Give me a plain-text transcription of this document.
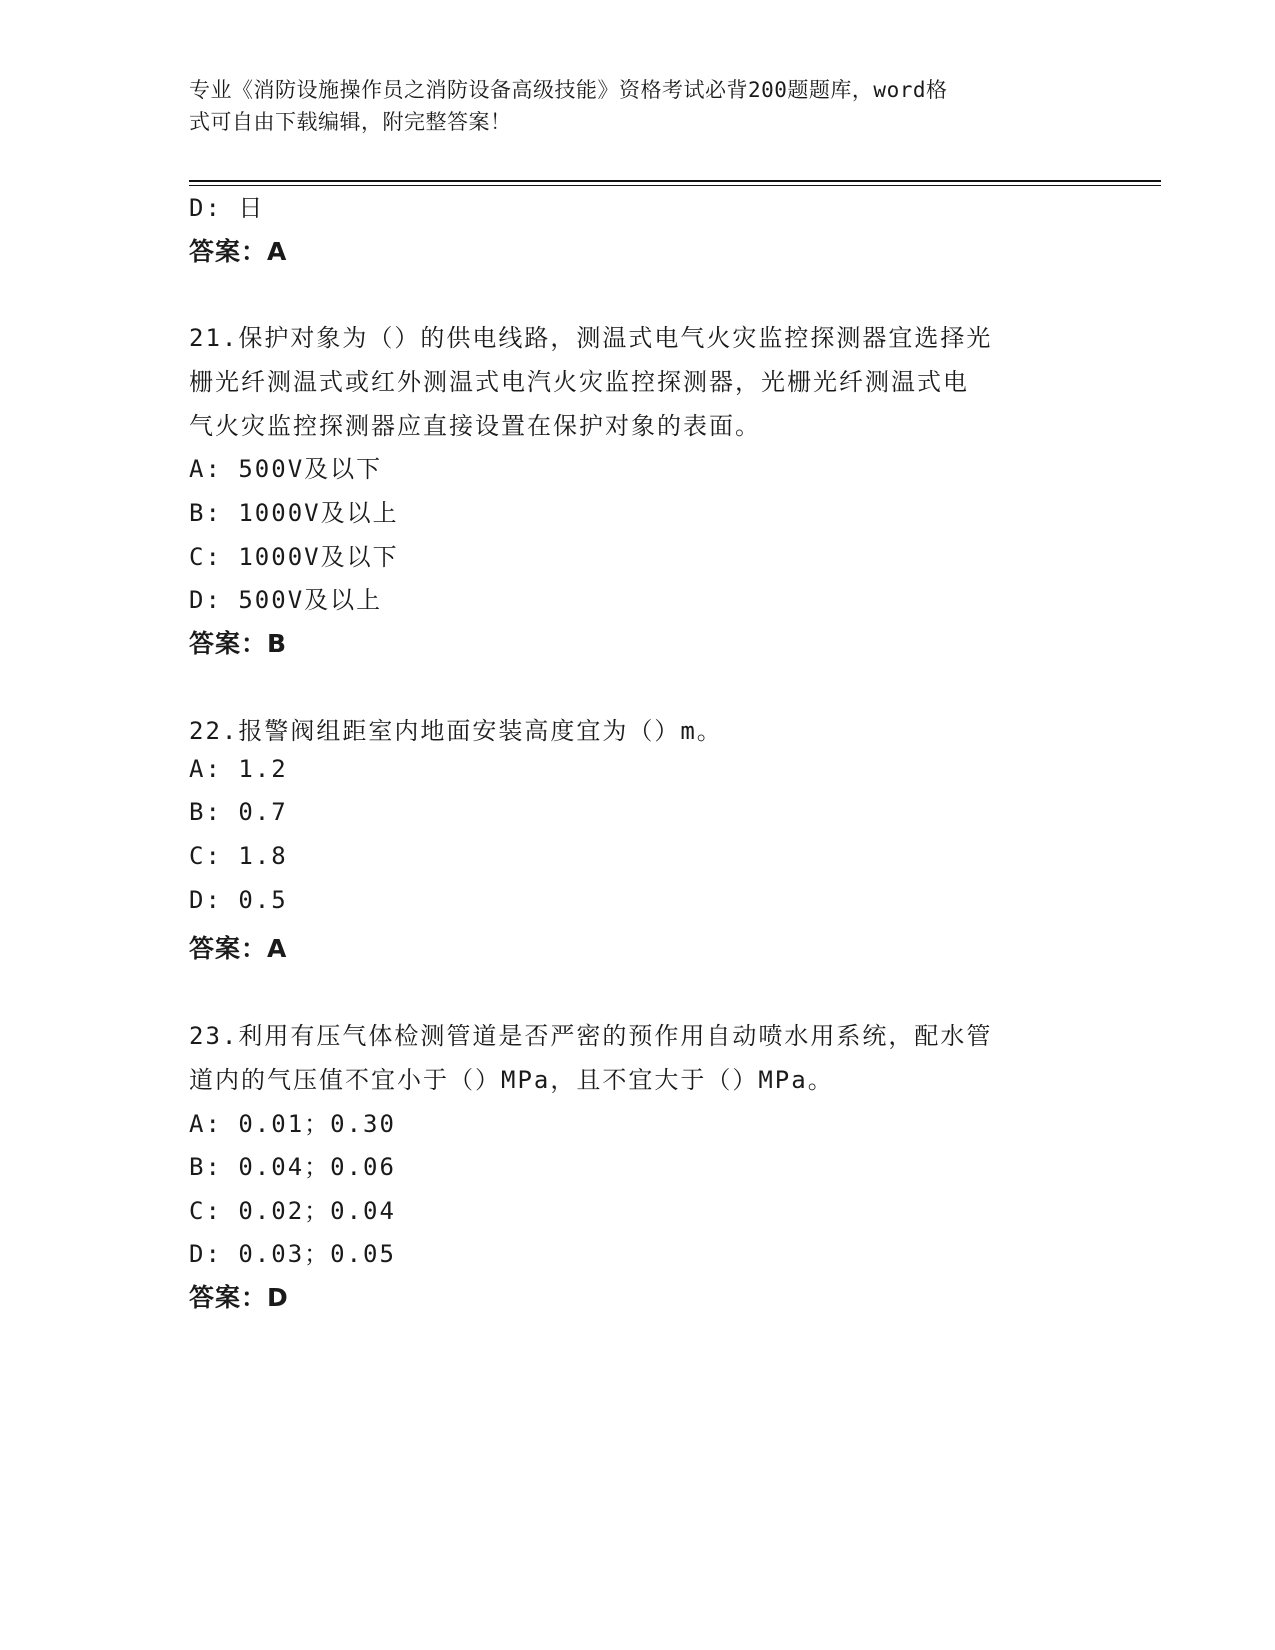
专业《消防设施操作员之消防设备高级技能》资格考试必背200题题库，word格
式可自由下载编辑，附完整答案！
D: 日
答案：A
21.保护对象为（）的供电线路，测温式电气火灾监控探测器宜选择光
栅光纤测温式或红外测温式电汽火灾监控探测器，光栅光纤测温式电
气火灾监控探测器应直接设置在保护对象的表面。
A: 500V及以下
B: 1000V及以上
C: 1000V及以下
D: 500V及以上
答案：B
22.报警阀组距室内地面安装高度宜为（）m。
A: 1.2
B: 0.7
C: 1.8
D: 0.5
答案：A
23.利用有压气体检测管道是否严密的预作用自动喷水用系统，配水管
道内的气压值不宜小于（）MPa，且不宜大于（）MPa。
A: 0.01；0.30
B: 0.04；0.06
C: 0.02；0.04
D: 0.03；0.05
答案：D
